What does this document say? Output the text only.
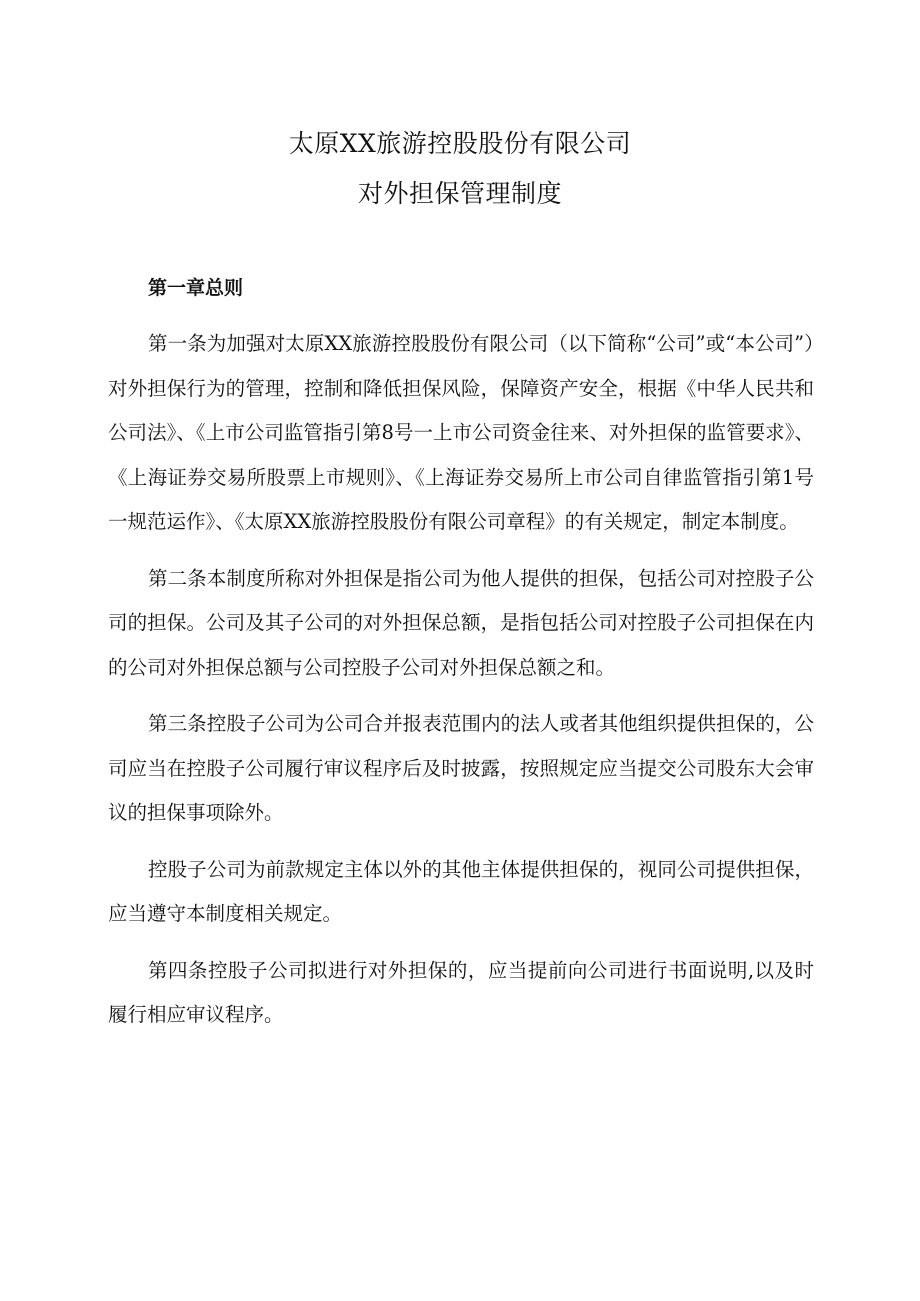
太原XX旅游控股股份有限公司
对外担保管理制度
第一章总则

第一条为加强对太原XX旅游控股股份有限公司（以下简称“公司”或“本公司”）对外担保行为的管理，控制和降低担保风险，保障资产安全，根据《中华人民共和公司法》、《上市公司监管指引第8号一上市公司资金往来、对外担保的监管要求》、《上海证券交易所股票上市规则》、《上海证券交易所上市公司自律监管指引第1号一规范运作》、《太原XX旅游控股股份有限公司章程》的有关规定，制定本制度。

第二条本制度所称对外担保是指公司为他人提供的担保，包括公司对控股子公司的担保。公司及其子公司的对外担保总额，是指包括公司对控股子公司担保在内的公司对外担保总额与公司控股子公司对外担保总额之和。

第三条控股子公司为公司合并报表范围内的法人或者其他组织提供担保的，公司应当在控股子公司履行审议程序后及时披露，按照规定应当提交公司股东大会审议的担保事项除外。

控股子公司为前款规定主体以外的其他主体提供担保的，视同公司提供担保，应当遵守本制度相关规定。

第四条控股子公司拟进行对外担保的，应当提前向公司进行书面说明,以及时履行相应审议程序。
